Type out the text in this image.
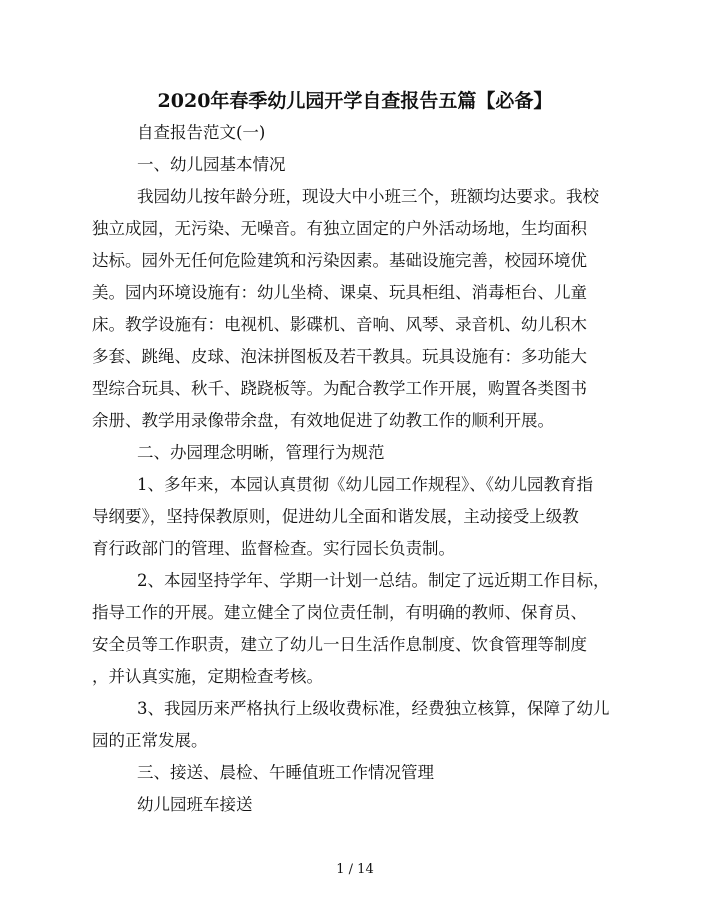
2020年春季幼儿园开学自查报告五篇【必备】

自查报告范文(一)

一、幼儿园基本情况

我园幼儿按年龄分班，现设大中小班三个，班额均达要求。我校
独立成园，无污染、无噪音。有独立固定的户外活动场地，生均面积
达标。园外无任何危险建筑和污染因素。基础设施完善，校园环境优
美。园内环境设施有：幼儿坐椅、课桌、玩具柜组、消毒柜台、儿童
床。教学设施有：电视机、影碟机、音响、风琴、录音机、幼儿积木
多套、跳绳、皮球、泡沫拼图板及若干教具。玩具设施有：多功能大
型综合玩具、秋千、跷跷板等。为配合教学工作开展，购置各类图书
余册、教学用录像带余盘，有效地促进了幼教工作的顺利开展。

二、办园理念明晰，管理行为规范

1、多年来，本园认真贯彻《幼儿园工作规程》、《幼儿园教育指
导纲要》，坚持保教原则，促进幼儿全面和谐发展，主动接受上级教
育行政部门的管理、监督检查。实行园长负责制。
2、本园坚持学年、学期一计划一总结。制定了远近期工作目标，
指导工作的开展。建立健全了岗位责任制，有明确的教师、保育员、
安全员等工作职责，建立了幼儿一日生活作息制度、饮食管理等制度
，并认真实施，定期检查考核。
3、我园历来严格执行上级收费标准，经费独立核算，保障了幼儿
园的正常发展。

三、接送、晨检、午睡值班工作情况管理

幼儿园班车接送

1 / 14
